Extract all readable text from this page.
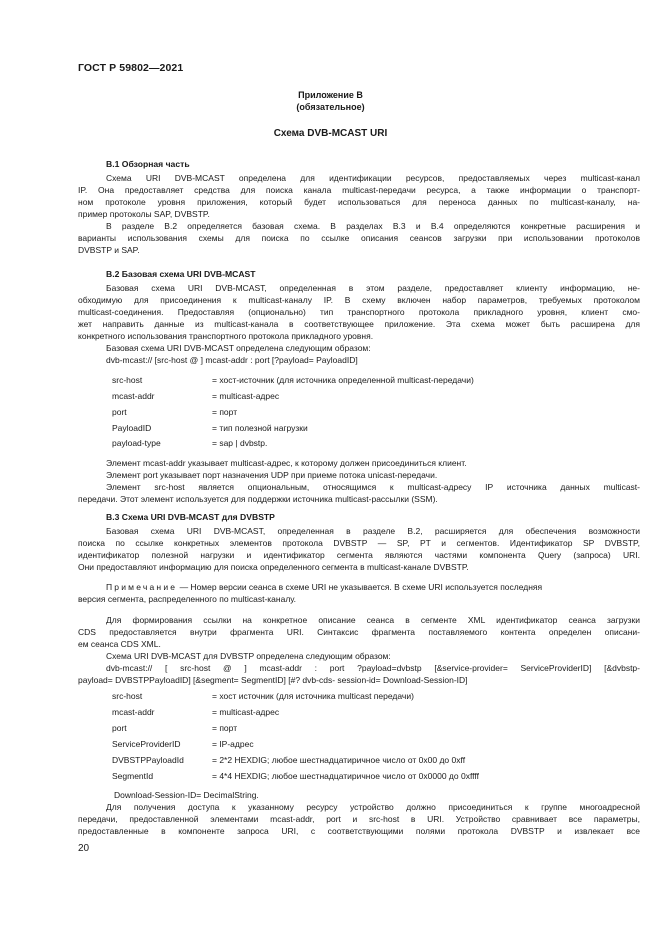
ГОСТ Р 59802—2021
Приложение В
(обязательное)
Схема DVB-MCAST URI
В.1 Обзорная часть
Схема URI DVB-MCAST определена для идентификации ресурсов, предоставляемых через multicast-канал
IP. Она предоставляет средства для поиска канала multicast-передачи ресурса, а также информации о транспорт-
ном протоколе уровня приложения, который будет использоваться для переноса данных по multicast-каналу, на-
пример протоколы SAP, DVBSTP.
В разделе В.2 определяется базовая схема. В разделах В.3 и В.4 определяются конкретные расширения и
варианты использования схемы для поиска по ссылке описания сеансов загрузки при использовании протоколов
DVBSTP и SAP.
В.2 Базовая схема URI DVB-MCAST
Базовая схема URI DVB-MCAST, определенная в этом разделе, предоставляет клиенту информацию, не-
обходимую для присоединения к multicast-каналу IP. В схему включен набор параметров, требуемых протоколом
multicast-соединения. Предоставляя (опционально) тип транспортного протокола прикладного уровня, клиент смо-
жет направить данные из multicast-канала в соответствующее приложение. Эта схема может быть расширена для
конкретного использования транспортного протокола прикладного уровня.
Базовая схема URI DVB-MCAST определена следующим образом:
dvb-mcast:// [src-host @ ] mcast-addr : port [?payload= PayloadID]
src-host	= хост-источник (для источника определенной multicast-передачи)
mcast-addr	= multicast-адрес
port	= порт
PayloadID	= тип полезной нагрузки
payload-type	= sap | dvbstp.
Элемент mcast-addr указывает multicast-адрес, к которому должен присоединиться клиент.
Элемент port указывает порт назначения UDP при приеме потока unicast-передачи.
Элемент src-host является опциональным, относящимся к multicast-адресу IP источника данных multicast-
передачи. Этот элемент используется для поддержки источника multicast-рассылки (SSM).
В.3 Схема URI DVB-MCAST для DVBSTP
Базовая схема URI DVB-MCAST, определенная в разделе В.2, расширяется для обеспечения возможности
поиска по ссылке конкретных элементов протокола DVBSTP — SP, PT и сегментов. Идентификатор SP DVBSTP,
идентификатор полезной нагрузки и идентификатор сегмента являются частями компонента Query (запроса) URI.
Они предоставляют информацию для поиска определенного сегмента в multicast-канале DVBSTP.
Примечание — Номер версии сеанса в схеме URI не указывается. В схеме URI используется последняя
версия сегмента, распределенного по multicast-каналу.
Для формирования ссылки на конкретное описание сеанса в сегменте XML идентификатор сеанса загрузки
CDS предоставляется внутри фрагмента URI. Синтаксис фрагмента поставляемого контента определен описани-
ем сеанса CDS XML.
Схема URI DVB-MCAST для DVBSTP определена следующим образом:
dvb-mcast:// [ src-host @ ] mcast-addr : port ?payload=dvbstp [&service-provider= ServiceProviderID] [&dvbstp-
payload= DVBSTPPayloadID] [&segment= SegmentID] [#? dvb-cds- session-id= Download-Session-ID]
src-host	= хост источник (для источника multicast передачи)
mcast-addr	= multicast-адрес
port	= порт
ServiceProviderID	= IP-адрес
DVBSTPPayloadId	= 2*2 HEXDIG; любое шестнадцатиричное число от 0x00 до 0xff
SegmentId	= 4*4 HEXDIG; любое шестнадцатиричное число от 0x0000 до 0xffff
Download-Session-ID= DecimalString.
Для получения доступа к указанному ресурсу устройство должно присоединиться к группе многоадресной
передачи, предоставленной элементами mcast-addr, port и src-host в URI. Устройство сравнивает все параметры,
предоставленные в компоненте запроса URI, с соответствующими полями протокола DVBSTP и извлекает все
20
